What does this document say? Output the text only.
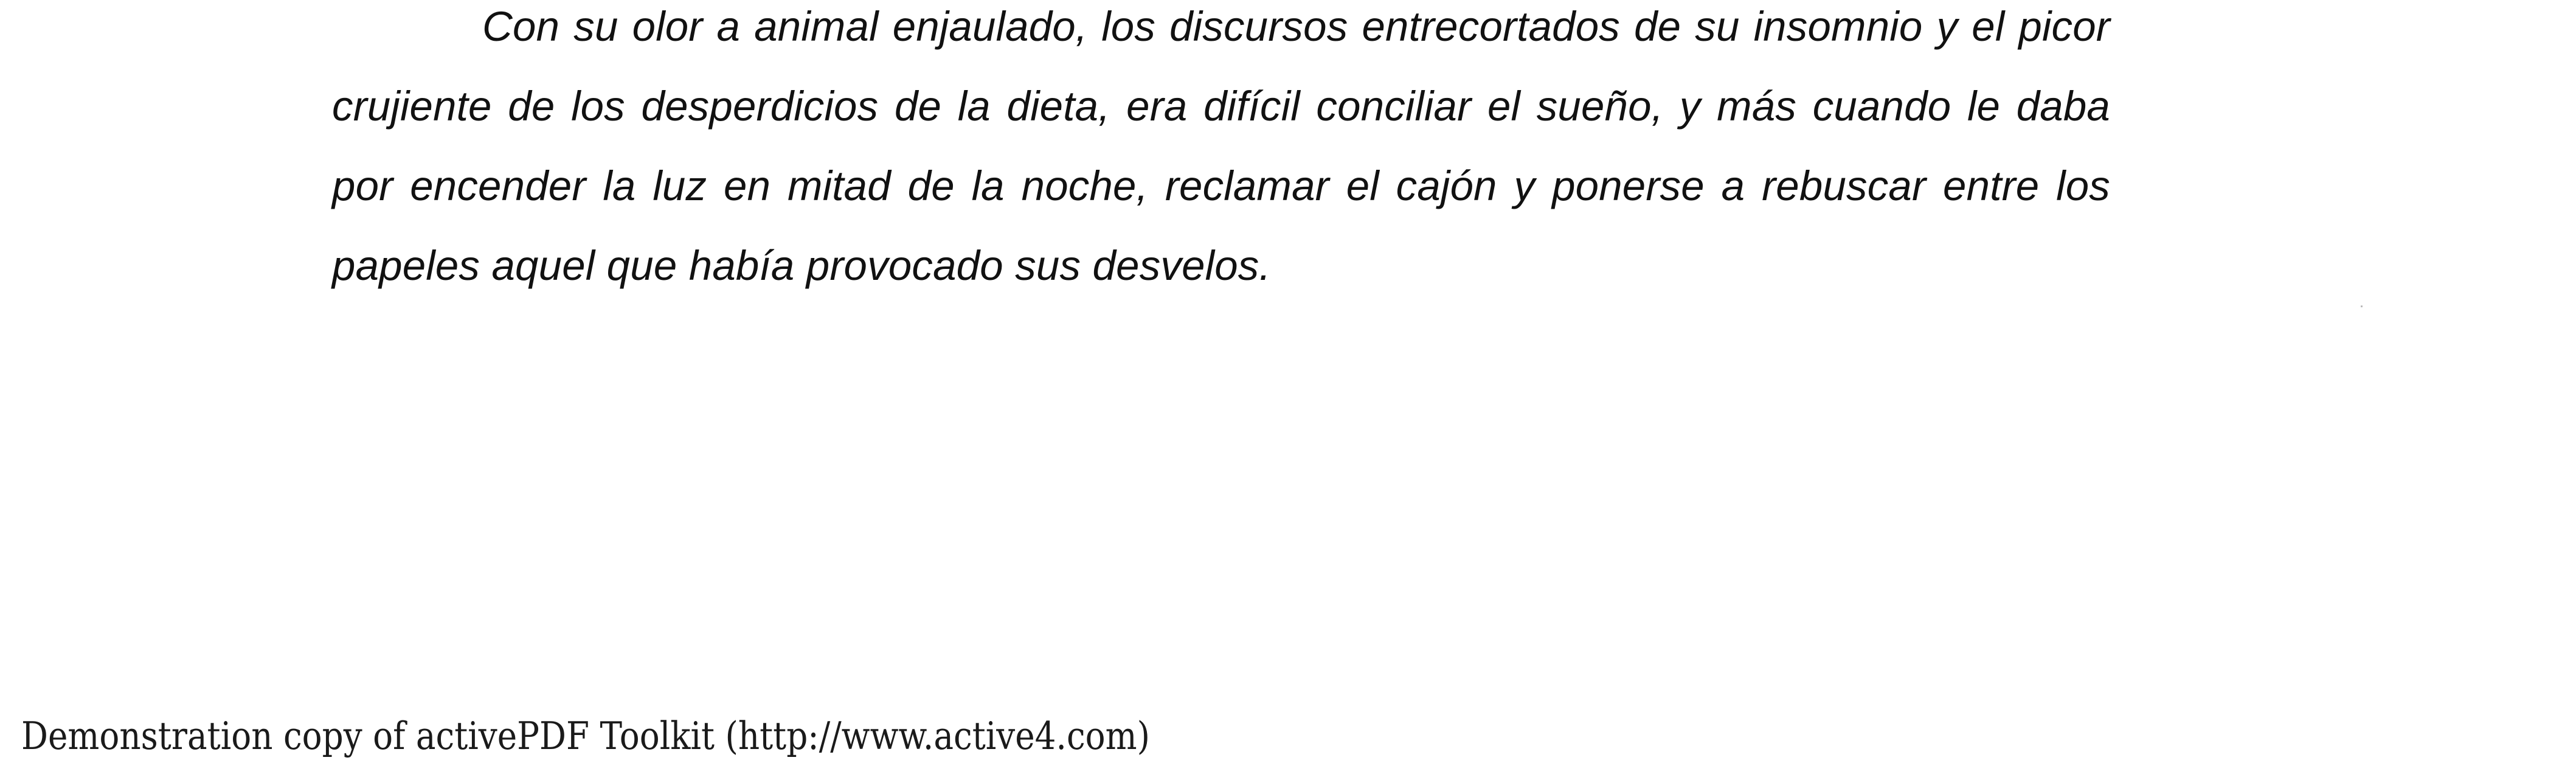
Con su olor a animal enjaulado, los discursos entrecortados de su insomnio y el picor crujiente de los desperdicios de la dieta, era difícil conciliar el sueño, y más cuando le daba por encender la luz en mitad de la noche, reclamar el cajón y ponerse a rebuscar entre los papeles aquel que había provocado sus desvelos.

Demonstration copy of activePDF Toolkit (http://www.active4.com)
